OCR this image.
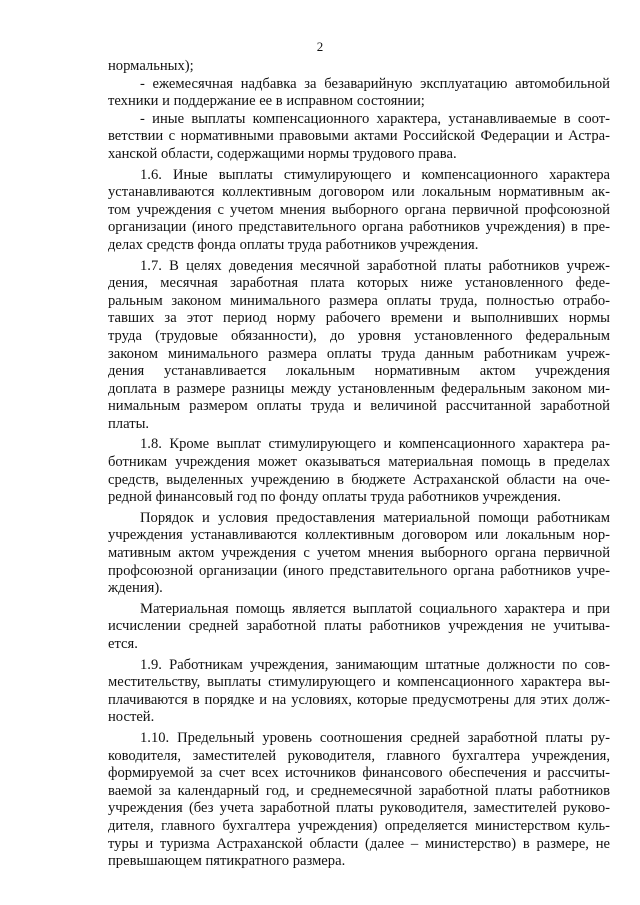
2
нормальных);
- ежемесячная надбавка за безаварийную эксплуатацию автомобильной
техники и поддержание ее в исправном состоянии;
- иные выплаты компенсационного характера, устанавливаемые в соот-
ветствии с нормативными правовыми актами Российской Федерации и Астра-
ханской области, содержащими нормы трудового права.
1.6. Иные выплаты стимулирующего и компенсационного характера
устанавливаются коллективным договором или локальным нормативным ак-
том учреждения с учетом мнения выборного органа первичной профсоюзной
организации (иного представительного органа работников учреждения) в пре-
делах средств фонда оплаты труда работников учреждения.
1.7. В целях доведения месячной заработной платы работников учреж-
дения, месячная заработная плата которых ниже установленного феде-
ральным законом минимального размера оплаты труда, полностью отрабо-
тавших за этот период норму рабочего времени и выполнивших нормы
труда (трудовые обязанности), до уровня установленного федеральным
законом минимального размера оплаты труда данным работникам учреж-
дения устанавливается локальным нормативным актом учреждения
доплата в размере разницы между установленным федеральным законом ми-
нимальным размером оплаты труда и величиной рассчитанной заработной
платы.
1.8. Кроме выплат стимулирующего и компенсационного характера ра-
ботникам учреждения может оказываться материальная помощь в пределах
средств, выделенных учреждению в бюджете Астраханской области на оче-
редной финансовый год по фонду оплаты труда работников учреждения.
Порядок и условия предоставления материальной помощи работникам
учреждения устанавливаются коллективным договором или локальным нор-
мативным актом учреждения с учетом мнения выборного органа первичной
профсоюзной организации (иного представительного органа работников учре-
ждения).
Материальная помощь является выплатой социального характера и при
исчислении средней заработной платы работников учреждения не учитыва-
ется.
1.9. Работникам учреждения, занимающим штатные должности по сов-
местительству, выплаты стимулирующего и компенсационного характера вы-
плачиваются в порядке и на условиях, которые предусмотрены для этих долж-
ностей.
1.10. Предельный уровень соотношения средней заработной платы ру-
ководителя, заместителей руководителя, главного бухгалтера учреждения,
формируемой за счет всех источников финансового обеспечения и рассчиты-
ваемой за календарный год, и среднемесячной заработной платы работников
учреждения (без учета заработной платы руководителя, заместителей руково-
дителя, главного бухгалтера учреждения) определяется министерством куль-
туры и туризма Астраханской области (далее – министерство) в размере, не
превышающем пятикратного размера.
